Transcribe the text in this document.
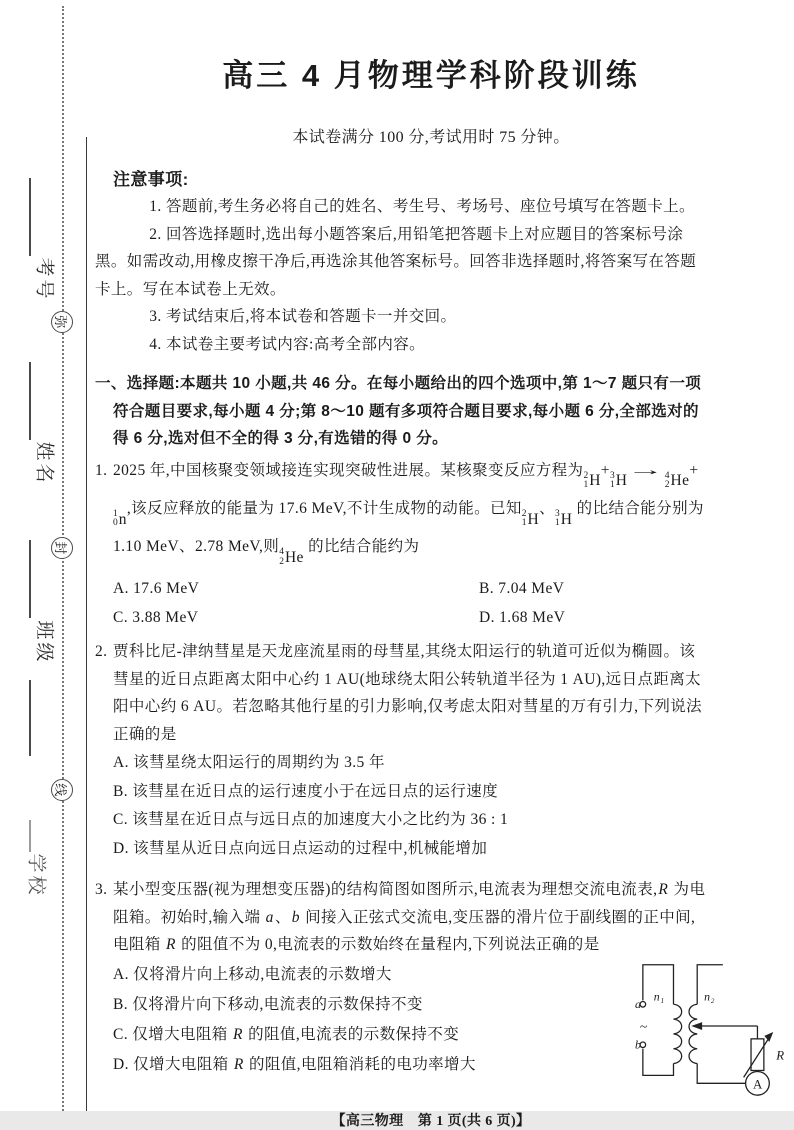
考号
姓名
班级
学校
弥
封
线
高三 4 月物理学科阶段训练

本试卷满分 100 分,考试用时 75 分钟。

注意事项:

1. 答题前,考生务必将自己的姓名、考生号、考场号、座位号填写在答题卡上。

2. 回答选择题时,选出每小题答案后,用铅笔把答题卡上对应题目的答案标号涂黑。如需改动,用橡皮擦干净后,再选涂其他答案标号。回答非选择题时,将答案写在答题卡上。写在本试卷上无效。

3. 考试结束后,将本试卷和答题卡一并交回。

4. 本试卷主要考试内容:高考全部内容。

一、选择题:本题共 10 小题,共 46 分。在每小题给出的四个选项中,第 1～7 题只有一项符合题目要求,每小题 4 分;第 8～10 题有多项符合题目要求,每小题 6 分,全部选对的得 6 分,选对但不全的得 3 分,有选错的得 0 分。

1. 2025 年,中国核聚变领域接连实现突破性进展。某核聚变反应方程为 2
1 H
+ 3
1 H
→ 4
2 He
+
1
0 n
,该反应释放的能量为 17.6 MeV,不计生成物的动能。已知 2
1 H
、 3
1 H
的比结合能分别为 1.10 MeV、2.78 MeV,则 4
2 He
的比结合能约为
A. 17.6 MeV	B. 7.04 MeV
C. 3.88 MeV	D. 1.68 MeV
2. 贾科比尼-津纳彗星是天龙座流星雨的母彗星,其绕太阳运行的轨道可近似为椭圆。该彗星的近日点距离太阳中心约 1 AU(地球绕太阳公转轨道半径为 1 AU),远日点距离太阳中心约 6 AU。若忽略其他行星的引力影响,仅考虑太阳对彗星的万有引力,下列说法正确的是
A. 该彗星绕太阳运行的周期约为 3.5 年
B. 该彗星在近日点的运行速度小于在远日点的运行速度
C. 该彗星在近日点与远日点的加速度大小之比约为 36 : 1
D. 该彗星从近日点向远日点运动的过程中,机械能增加
3. 某小型变压器(视为理想变压器)的结构简图如图所示,电流表为理想交流电流表,R 为电阻箱。初始时,输入端 a、b 间接入正弦式交流电,变压器的滑片位于副线圈的正中间,电阻箱 R 的阻值不为 0,电流表的示数始终在量程内,下列说法正确的是
A. 仅将滑片向上移动,电流表的示数增大
B. 仅将滑片向下移动,电流表的示数保持不变
C. 仅增大电阻箱 R 的阻值,电流表的示数保持不变
D. 仅增大电阻箱 R 的阻值,电阻箱消耗的电功率增大
a
b
~
n₁	n₂
R
A

【高三物理　第 1 页(共 6 页)】
